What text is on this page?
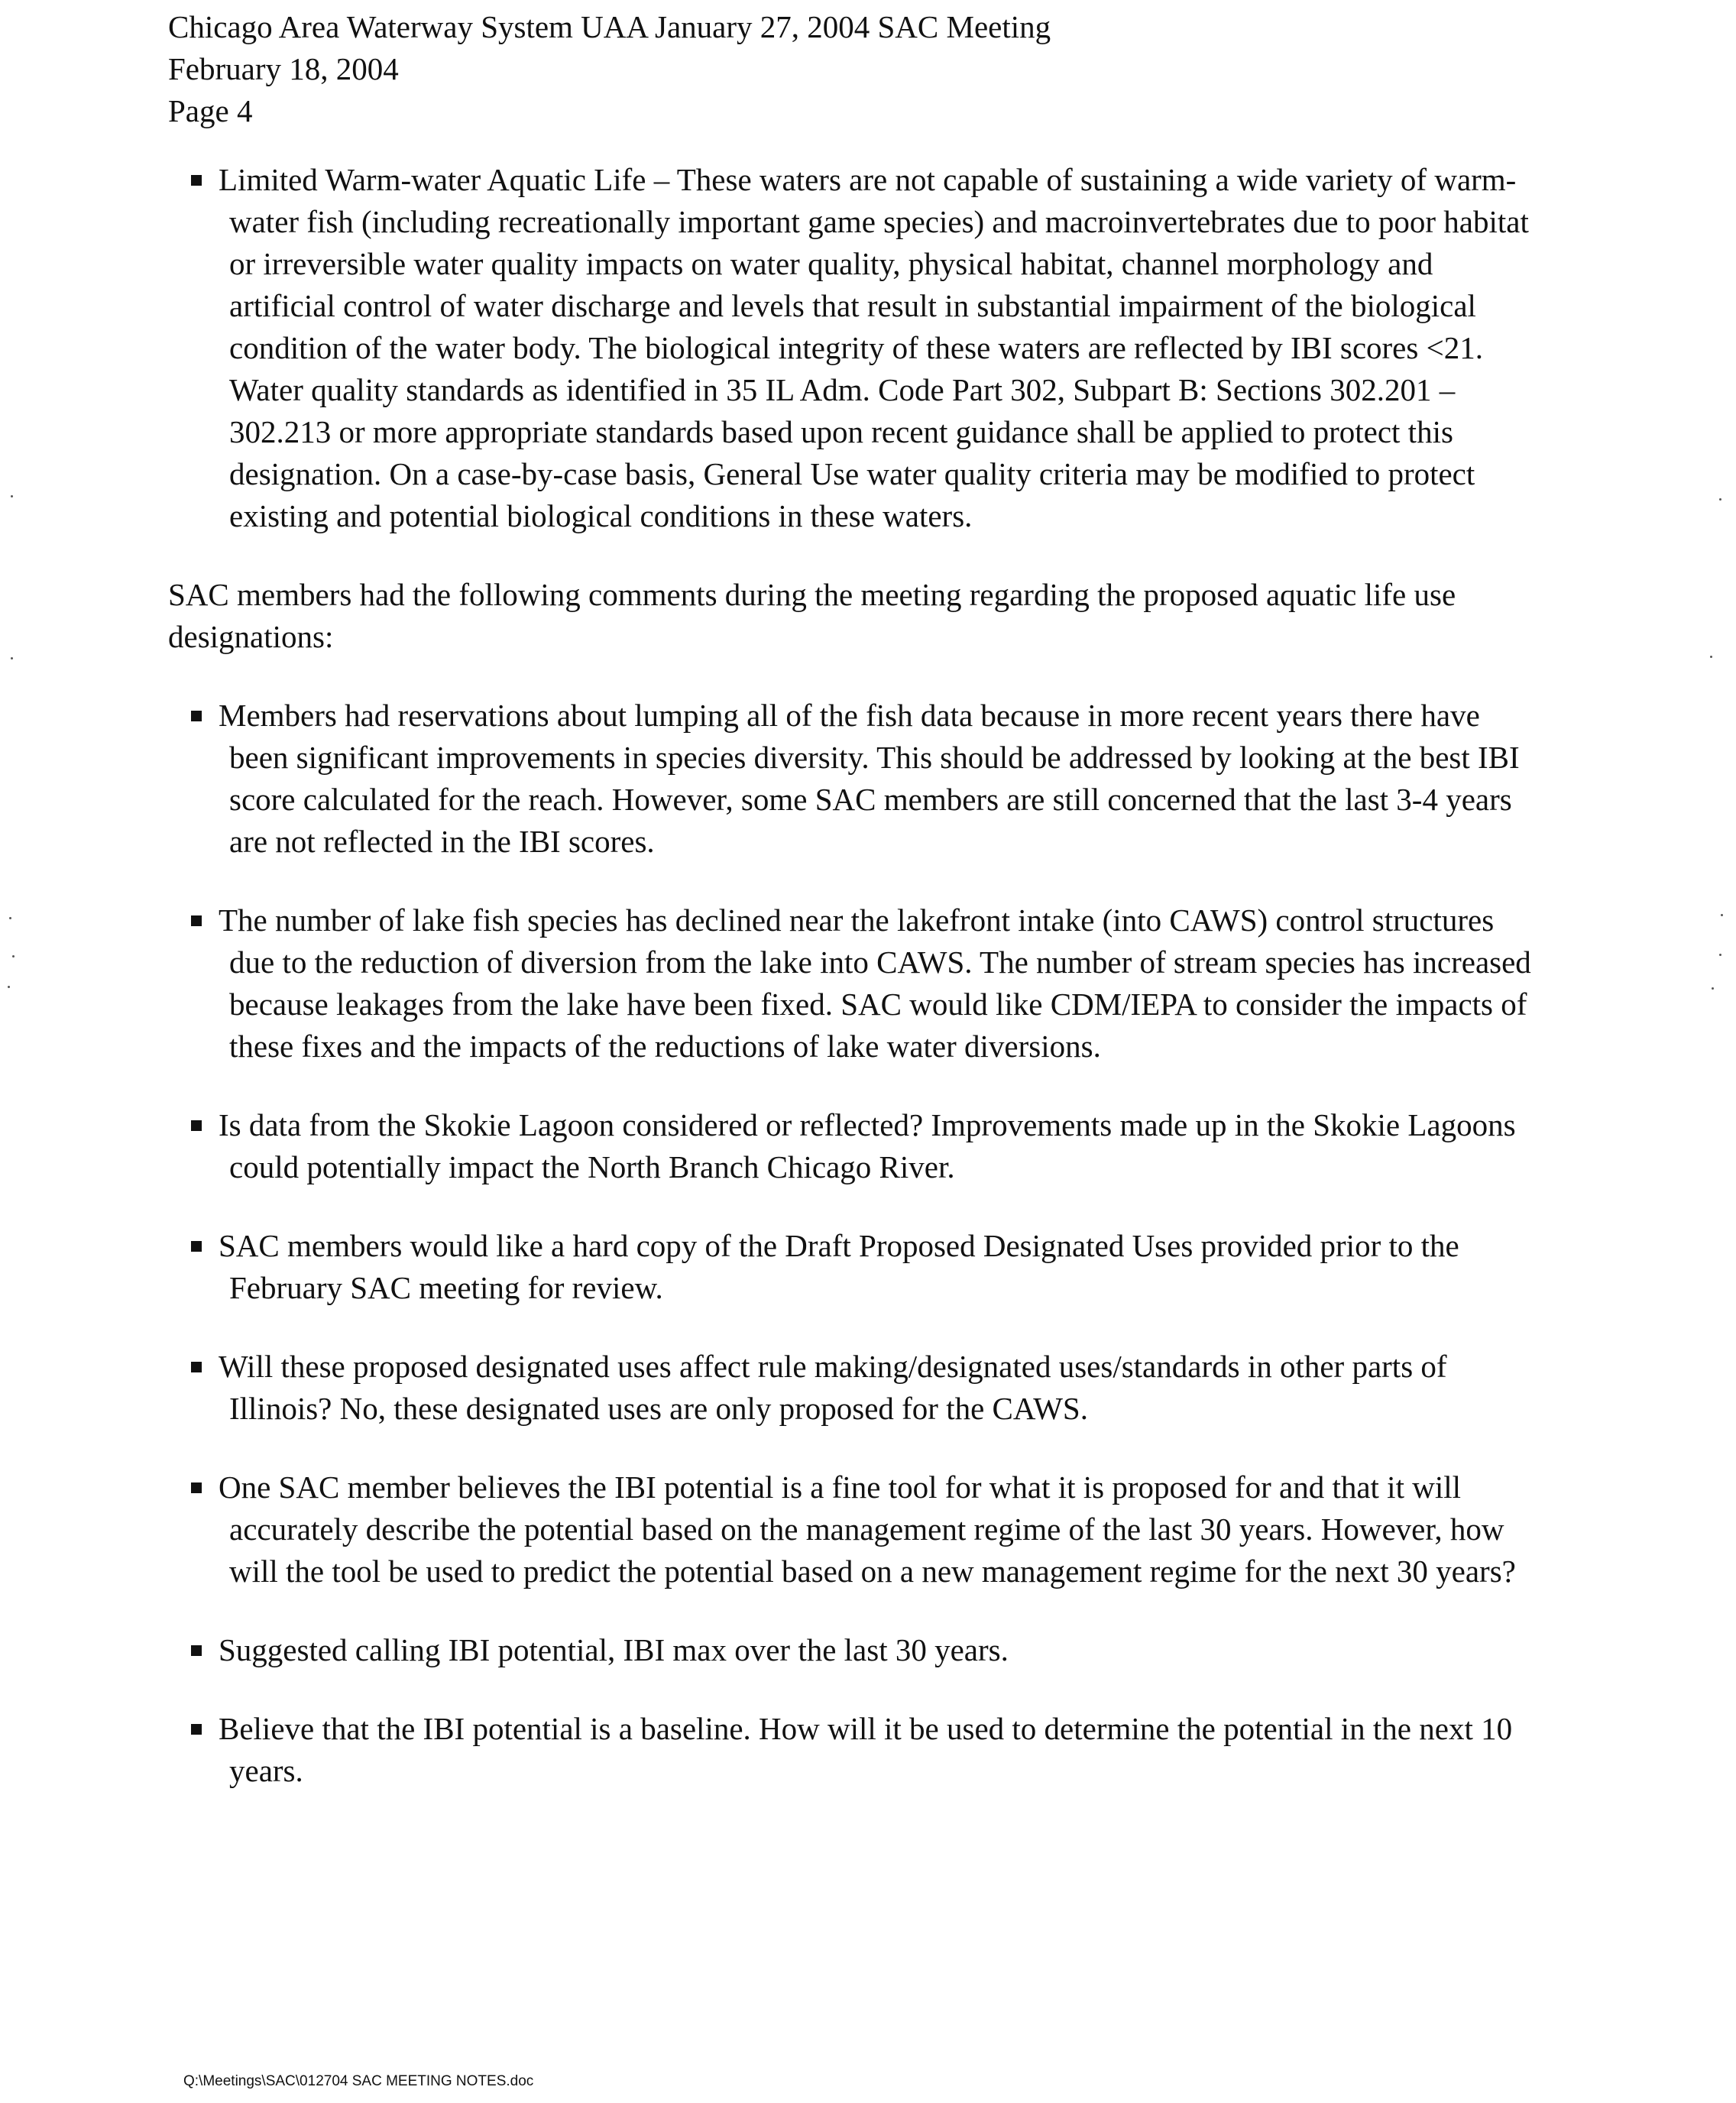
Chicago Area Waterway System UAA January 27, 2004 SAC Meeting
February 18, 2004
Page 4
Limited Warm-water Aquatic Life – These waters are not capable of sustaining a wide variety of warm-water fish (including recreationally important game species) and macroinvertebrates due to poor habitat or irreversible water quality impacts on water quality, physical habitat, channel morphology and artificial control of water discharge and levels that result in substantial impairment of the biological condition of the water body. The biological integrity of these waters are reflected by IBI scores <21. Water quality standards as identified in 35 IL Adm. Code Part 302, Subpart B: Sections 302.201 – 302.213 or more appropriate standards based upon recent guidance shall be applied to protect this designation. On a case-by-case basis, General Use water quality criteria may be modified to protect existing and potential biological conditions in these waters.

SAC members had the following comments during the meeting regarding the proposed aquatic life use designations:

Members had reservations about lumping all of the fish data because in more recent years there have been significant improvements in species diversity. This should be addressed by looking at the best IBI score calculated for the reach. However, some SAC members are still concerned that the last 3-4 years are not reflected in the IBI scores.
The number of lake fish species has declined near the lakefront intake (into CAWS) control structures due to the reduction of diversion from the lake into CAWS. The number of stream species has increased because leakages from the lake have been fixed. SAC would like CDM/IEPA to consider the impacts of these fixes and the impacts of the reductions of lake water diversions.
Is data from the Skokie Lagoon considered or reflected? Improvements made up in the Skokie Lagoons could potentially impact the North Branch Chicago River.
SAC members would like a hard copy of the Draft Proposed Designated Uses provided prior to the February SAC meeting for review.
Will these proposed designated uses affect rule making/designated uses/standards in other parts of Illinois? No, these designated uses are only proposed for the CAWS.
One SAC member believes the IBI potential is a fine tool for what it is proposed for and that it will accurately describe the potential based on the management regime of the last 30 years. However, how will the tool be used to predict the potential based on a new management regime for the next 30 years?
Suggested calling IBI potential, IBI max over the last 30 years.
Believe that the IBI potential is a baseline. How will it be used to determine the potential in the next 10 years.
Q:\Meetings\SAC\012704 SAC MEETING NOTES.doc
